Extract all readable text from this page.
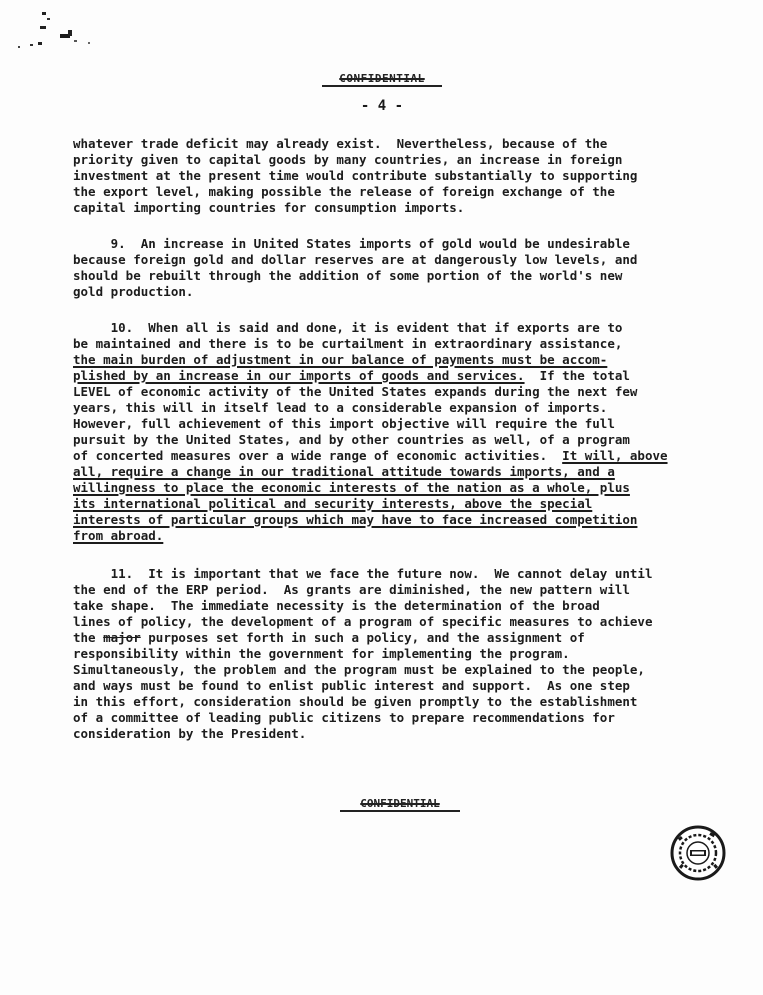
CONFIDENTIAL
- 4 -
whatever trade deficit may already exist.  Nevertheless, because of the
priority given to capital goods by many countries, an increase in foreign
investment at the present time would contribute substantially to supporting
the export level, making possible the release of foreign exchange of the
capital importing countries for consumption imports.
9.  An increase in United States imports of gold would be undesirable
because foreign gold and dollar reserves are at dangerously low levels, and
should be rebuilt through the addition of some portion of the world's new
gold production.
10.  When all is said and done, it is evident that if exports are to
be maintained and there is to be curtailment in extraordinary assistance,
the main burden of adjustment in our balance of payments must be accom-
plished by an increase in our imports of goods and services.  If the total
LEVEL of economic activity of the United States expands during the next few
years, this will in itself lead to a considerable expansion of imports.
However, full achievement of this import objective will require the full
pursuit by the United States, and by other countries as well, of a program
of concerted measures over a wide range of economic activities.  It will, above
all, require a change in our traditional attitude towards imports, and a
willingness to place the economic interests of the nation as a whole, plus
its international political and security interests, above the special
interests of particular groups which may have to face increased competition
from abroad.
11.  It is important that we face the future now.  We cannot delay until
the end of the ERP period.  As grants are diminished, the new pattern will
take shape.  The immediate necessity is the determination of the broad
lines of policy, the development of a program of specific measures to achieve
the major purposes set forth in such a policy, and the assignment of
responsibility within the government for implementing the program.
Simultaneously, the problem and the program must be explained to the people,
and ways must be found to enlist public interest and support.  As one step
in this effort, consideration should be given promptly to the establishment
of a committee of leading public citizens to prepare recommendations for
consideration by the President.
CONFIDENTIAL
